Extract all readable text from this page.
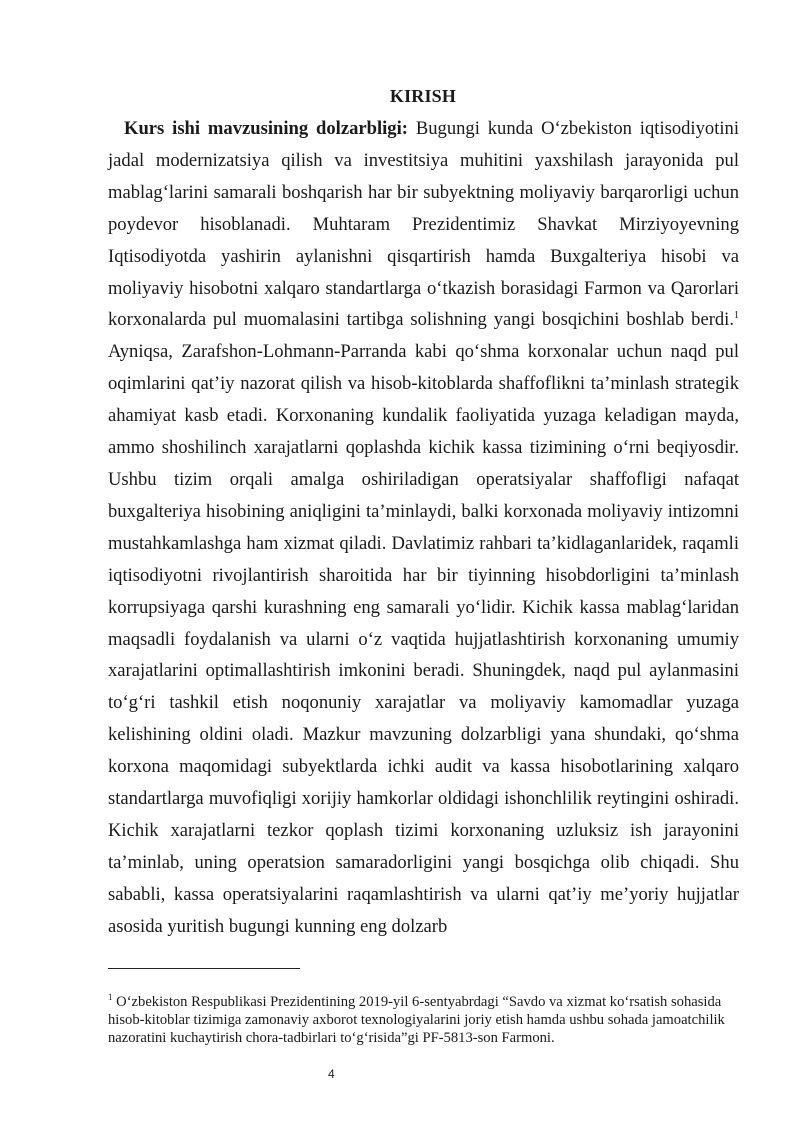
KIRISH

Kurs ishi mavzusining dolzarbligi: Bugungi kunda O‘zbekiston iqtisodiyotini jadal modernizatsiya qilish va investitsiya muhitini yaxshilash jarayonida pul mablag‘larini samarali boshqarish har bir subyektning moliyaviy barqarorligi uchun poydevor hisoblanadi. Muhtaram Prezidentimiz Shavkat Mirziyoyevning Iqtisodiyotda yashirin aylanishni qisqartirish hamda Buxgalteriya hisobi va moliyaviy hisobotni xalqaro standartlarga o‘tkazish borasidagi Farmon va Qarorlari korxonalarda pul muomalasini tartibga solishning yangi bosqichini boshlab berdi.$^1$ Ayniqsa, Zarafshon-Lohmann-Parranda kabi qo‘shma korxonalar uchun naqd pul oqimlarini qat’iy nazorat qilish va hisob-kitoblarda shaffoflikni ta’minlash strategik ahamiyat kasb etadi. Korxonaning kundalik faoliyatida yuzaga keladigan mayda, ammo shoshilinch xarajatlarni qoplashda kichik kassa tizimining o‘rni beqiyosdir. Ushbu tizim orqali amalga oshiriladigan operatsiyalar shaffofligi nafaqat buxgalteriya hisobining aniqligini ta’minlaydi, balki korxonada moliyaviy intizomni mustahkamlashga ham xizmat qiladi. Davlatimiz rahbari ta’kidlaganlaridek, raqamli iqtisodiyotni rivojlantirish sharoitida har bir tiyinning hisobdorligini ta’minlash korrupsiyaga qarshi kurashning eng samarali yo‘lidir. Kichik kassa mablag‘laridan maqsadli foydalanish va ularni o‘z vaqtida hujjatlashtirish korxonaning umumiy xarajatlarini optimallashtirish imkonini beradi. Shuningdek, naqd pul aylanmasini to‘g‘ri tashkil etish noqonuniy xarajatlar va moliyaviy kamomadlar yuzaga kelishining oldini oladi. Mazkur mavzuning dolzarbligi yana shundaki, qo‘shma korxona maqomidagi subyektlarda ichki audit va kassa hisobotlarining xalqaro standartlarga muvofiqligi xorijiy hamkorlar oldidagi ishonchlilik reytingini oshiradi. Kichik xarajatlarni tezkor qoplash tizimi korxonaning uzluksiz ish jarayonini ta’minlab, uning operatsion samaradorligini yangi bosqichga olib chiqadi. Shu sababli, kassa operatsiyalarini raqamlashtirish va ularni qat’iy me’yoriy hujjatlar asosida yuritish bugungi kunning eng dolzarb

$^1$ O‘zbekiston Respublikasi Prezidentining 2019-yil 6-sentyabrdagi “Savdo va xizmat ko‘rsatish sohasida hisob-kitoblar tizimiga zamonaviy axborot texnologiyalarini joriy etish hamda ushbu sohada jamoatchilik nazoratini kuchaytirish chora-tadbirlari to‘g‘risida”gi PF-5813-son Farmoni.

4
